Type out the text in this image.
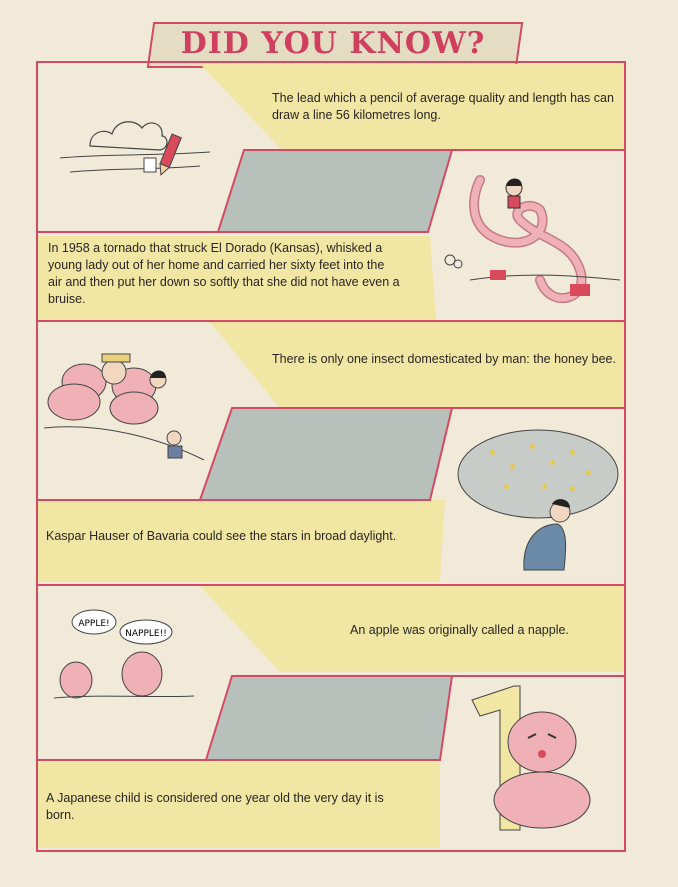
DID YOU KNOW?
The lead which a pencil of average quality and length has can draw a line 56 kilometres long.
In 1958 a tornado that struck El Dorado (Kansas), whisked a young lady out of her home and carried her sixty feet into the air and then put her down so softly that she did not have even a bruise.
There is only one insect domesticated by man: the honey bee.
Kaspar Hauser of Bavaria could see the stars in broad daylight.
An apple was originally called a napple.
A Japanese child is considered one year old the very day it is born.
★
★
★
★
★
★
★	★ ★
APPLE!
NAPPLE!!
